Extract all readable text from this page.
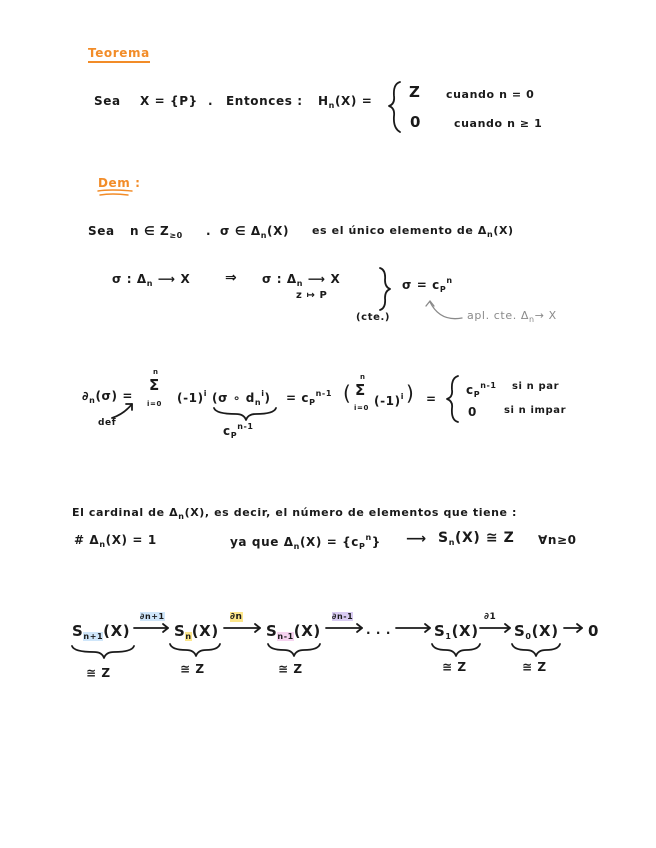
Teorema
Sea X = {P} . Entonces : $H_n(X) = Z$ cuando n = 0
0	cuando n ≥ 1
Dem :
Sea n ∈ $Z_{\ge 0}$ . σ ∈ $\Delta_n(X)$ es el único elemento de $\Delta_n(X)$
σ : $\Delta_n$ ⟶ X ⇒ σ : $\Delta_n$ ⟶ X
z ↦ P
$\sigma = c_P^n$
(cte.)	apl. cte. $\Delta_n\to X$
$\partial_n(\sigma)$ =
n
Σ
i=0 $(-1)^i$ (σ ∘ $d_n^i$)
$c_P^{n-1}$
def
= $c_P^{n-1}$ (
n
Σ
i=0 $(-1)^i$ ) =
$c_P^{n-1}$ si n par
0	si n impar
El cardinal de $\Delta_n(X)$, es decir, el número de elementos que tiene :
# $\Delta_n(X) = 1$	ya que $\Delta_n(X) = \{c_P^n\}$ ⟶ $S_n(X)$ ≅ Z ∀n≥0
$S_{n+1}(X)$
∂n+1
$S_n(X)$
∂n
$S_{n-1}(X)$
∂n-1
· · ·	$S_1(X)$
∂1
$S_0(X)$ 0
≅ Z	≅ Z	≅ Z	≅ Z	≅ Z
